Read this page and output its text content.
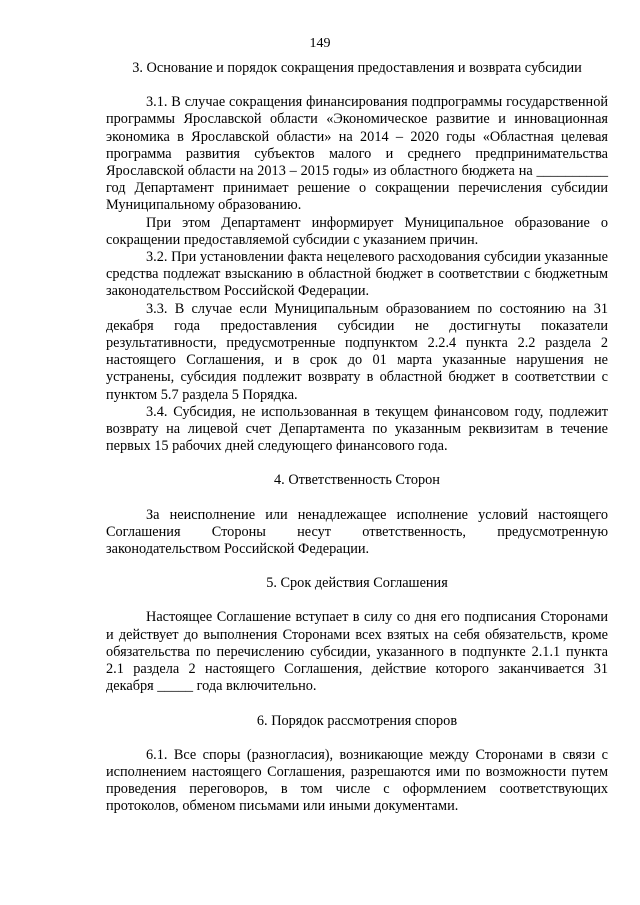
149
3. Основание и порядок сокращения предоставления и возврата субсидии

3.1. В случае сокращения финансирования подпрограммы государственной программы Ярославской области «Экономическое развитие и инновационная экономика в Ярославской области» на 2014 – 2020 годы «Областная целевая программа развития субъектов малого и среднего предпринимательства Ярославской области на 2013 – 2015 годы» из областного бюджета на __________ год Департамент принимает решение о сокращении перечисления субсидии Муниципальному образованию.

При этом Департамент информирует Муниципальное образование о сокращении предоставляемой субсидии с указанием причин.

3.2. При установлении факта нецелевого расходования субсидии указанные средства подлежат взысканию в областной бюджет в соответствии с бюджетным законодательством Российской Федерации.

3.3. В случае если Муниципальным образованием по состоянию на 31 декабря года предоставления субсидии не достигнуты показатели результативности, предусмотренные подпунктом 2.2.4 пункта 2.2 раздела 2 настоящего Соглашения, и в срок до 01 марта указанные нарушения не устранены, субсидия подлежит возврату в областной бюджет в соответствии с пунктом 5.7 раздела 5 Порядка.

3.4. Субсидия, не использованная в текущем финансовом году, подлежит возврату на лицевой счет Департамента по указанным реквизитам в течение первых 15 рабочих дней следующего финансового года.

4. Ответственность Сторон

За неисполнение или ненадлежащее исполнение условий настоящего Соглашения Стороны несут ответственность, предусмотренную законодательством Российской Федерации.

5. Срок действия Соглашения

Настоящее Соглашение вступает в силу со дня его подписания Сторонами и действует до выполнения Сторонами всех взятых на себя обязательств, кроме обязательства по перечислению субсидии, указанного в подпункте 2.1.1 пункта 2.1 раздела 2 настоящего Соглашения, действие которого заканчивается 31 декабря _____ года включительно.

6. Порядок рассмотрения споров

6.1. Все споры (разногласия), возникающие между Сторонами в связи с исполнением настоящего Соглашения, разрешаются ими по возможности путем проведения переговоров, в том числе с оформлением соответствующих протоколов, обменом письмами или иными документами.
